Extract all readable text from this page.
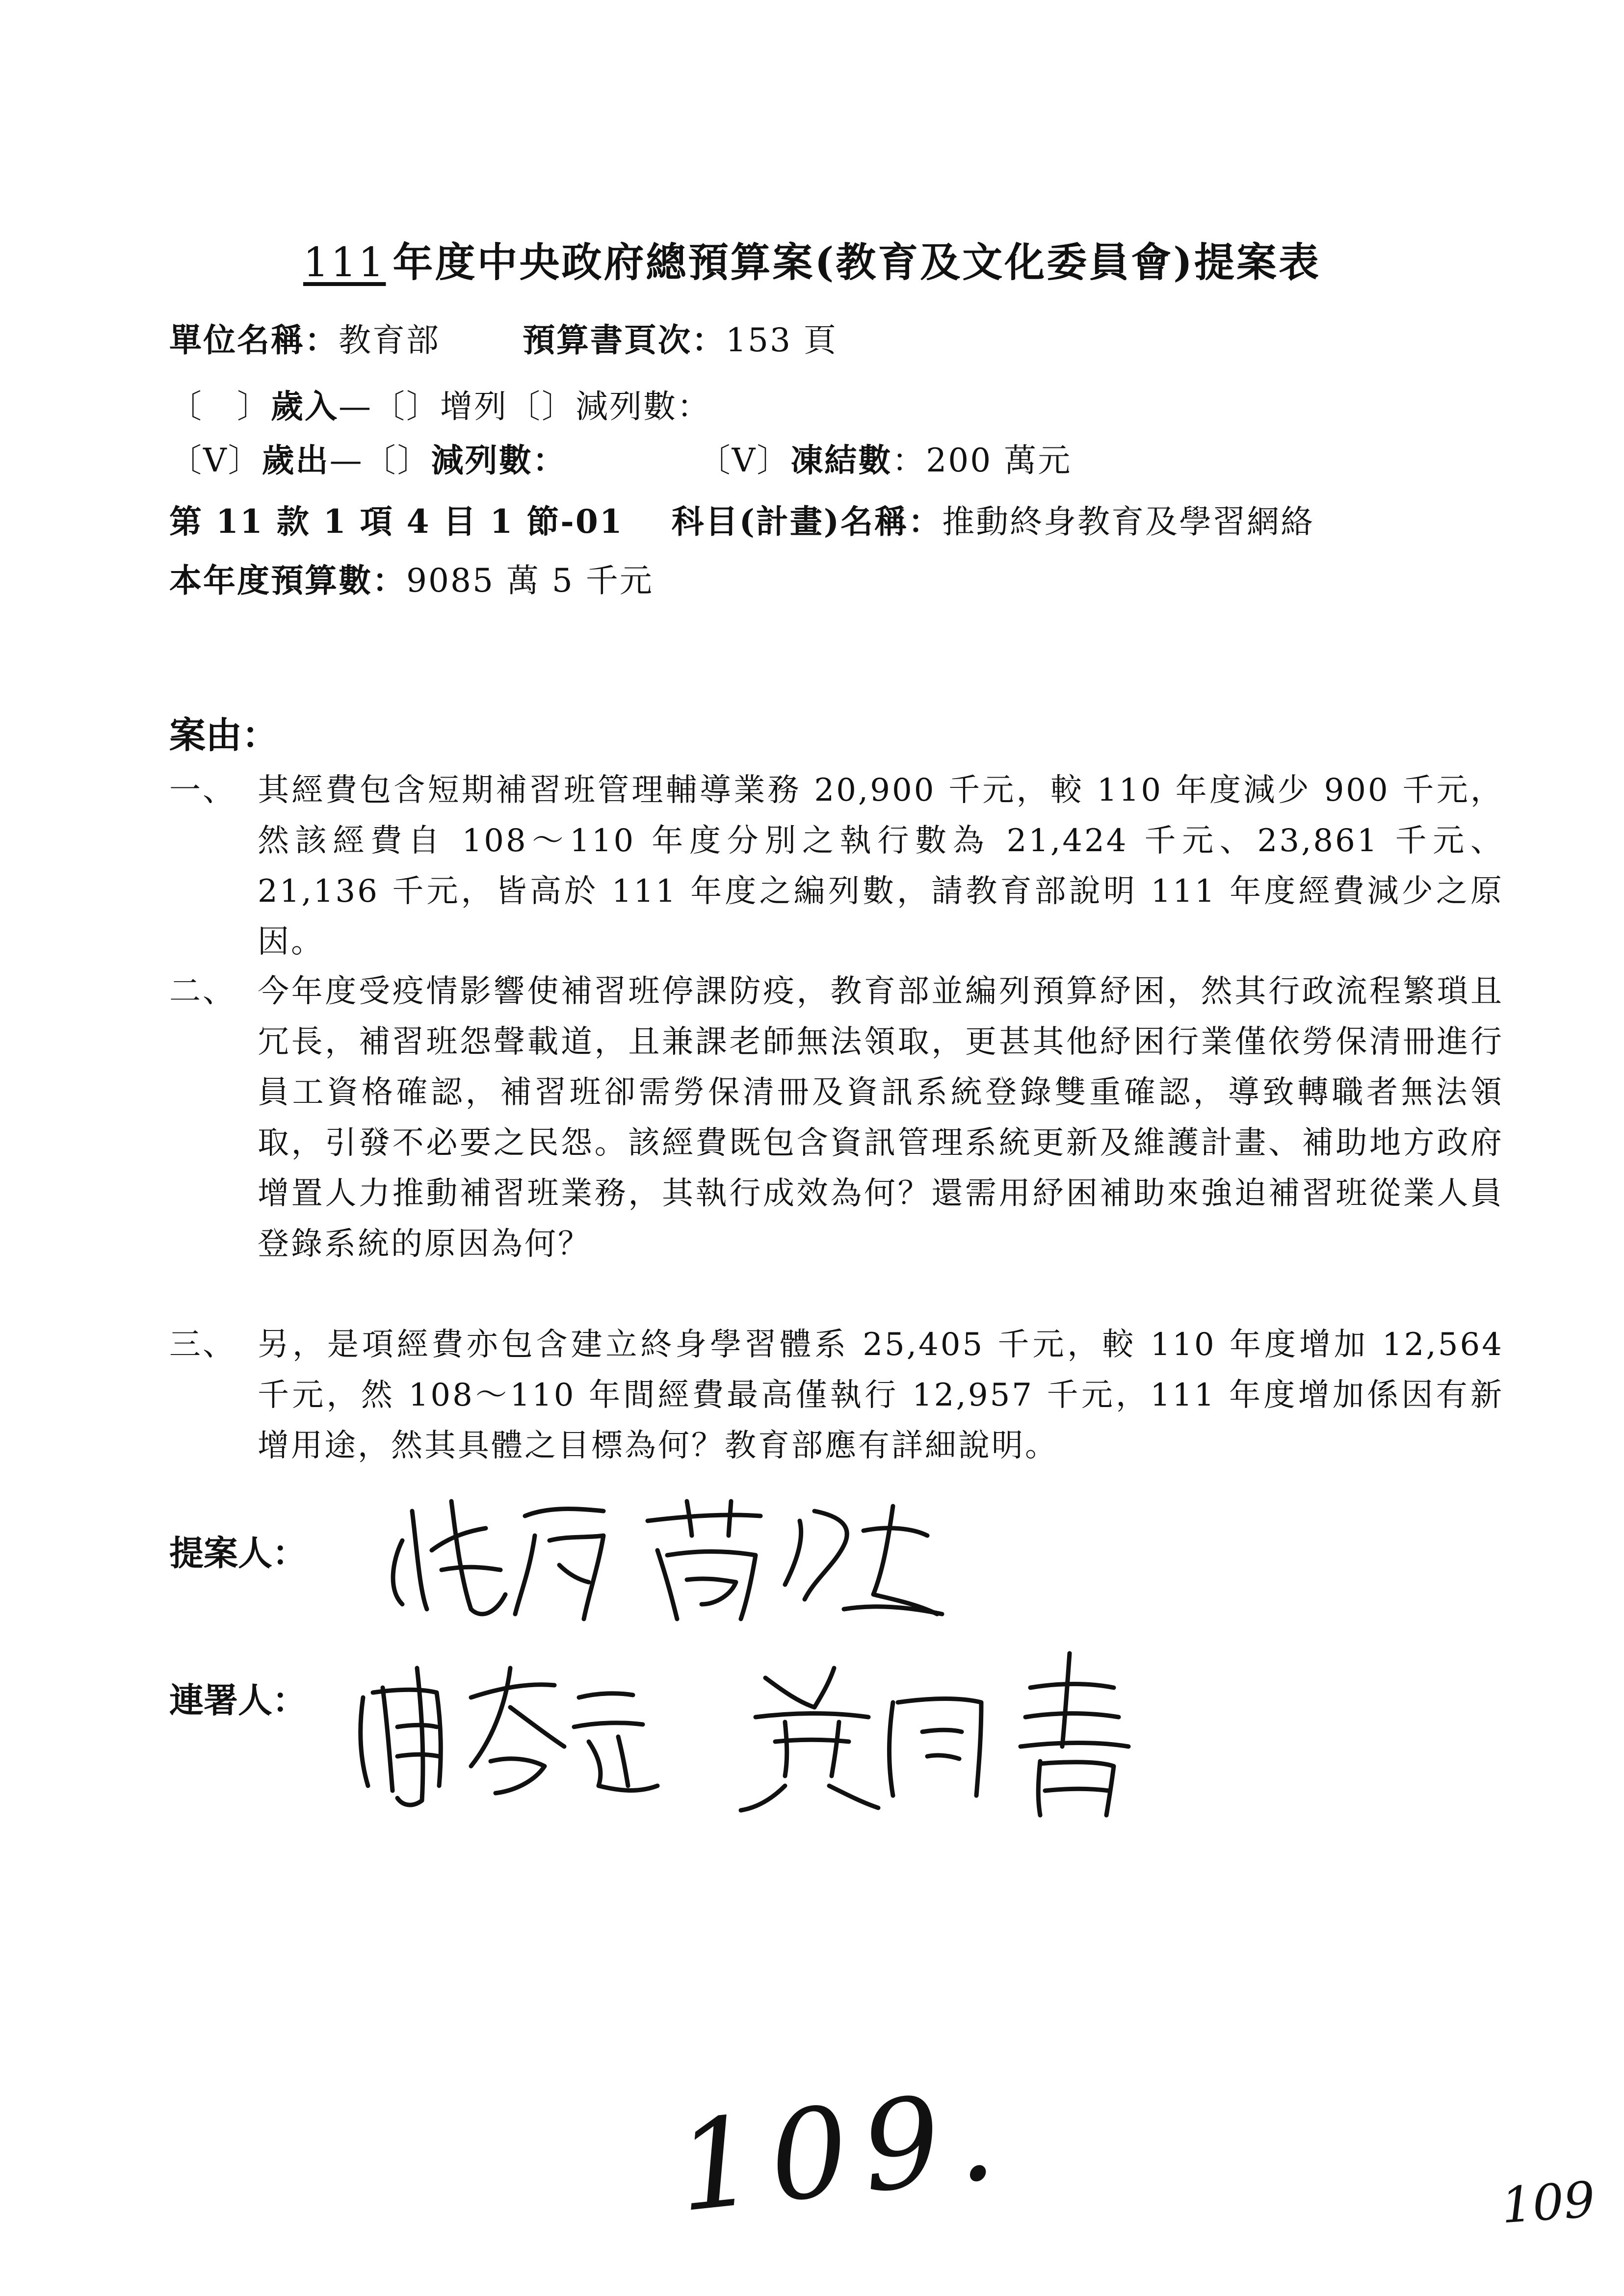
111 年度中央政府總預算案(教育及文化委員會)提案表
單位名稱：教育部	預算書頁次：153 頁
〔　〕歲入—〔〕增列〔〕減列數：
〔V〕歲出—〔〕減列數：	〔V〕凍結數：200 萬元
第 11 款 1 項 4 目 1 節-01 科目(計畫)名稱：推動終身教育及學習網絡
本年度預算數：9085 萬 5 千元
案由：
一、 其經費包含短期補習班管理輔導業務 20,900 千元，較 110 年度減少 900 千元，然該經費自 108～110 年度分別之執行數為 21,424 千元、23,861 千元、21,136 千元，皆高於 111 年度之編列數，請教育部說明 111 年度經費減少之原因。
二、 今年度受疫情影響使補習班停課防疫，教育部並編列預算紓困，然其行政流程繁瑣且冗長，補習班怨聲載道，且兼課老師無法領取，更甚其他紓困行業僅依勞保清冊進行員工資格確認，補習班卻需勞保清冊及資訊系統登錄雙重確認，導致轉職者無法領取，引發不必要之民怨。該經費既包含資訊管理系統更新及維護計畫、補助地方政府增置人力推動補習班業務，其執行成效為何？還需用紓困補助來強迫補習班從業人員登錄系統的原因為何？
三、 另，是項經費亦包含建立終身學習體系 25,405 千元，較 110 年度增加 12,564 千元，然 108～110 年間經費最高僅執行 12,957 千元，111 年度增加係因有新增用途，然其具體之目標為何？教育部應有詳細說明。
提案人：
連署人：
109.	109
